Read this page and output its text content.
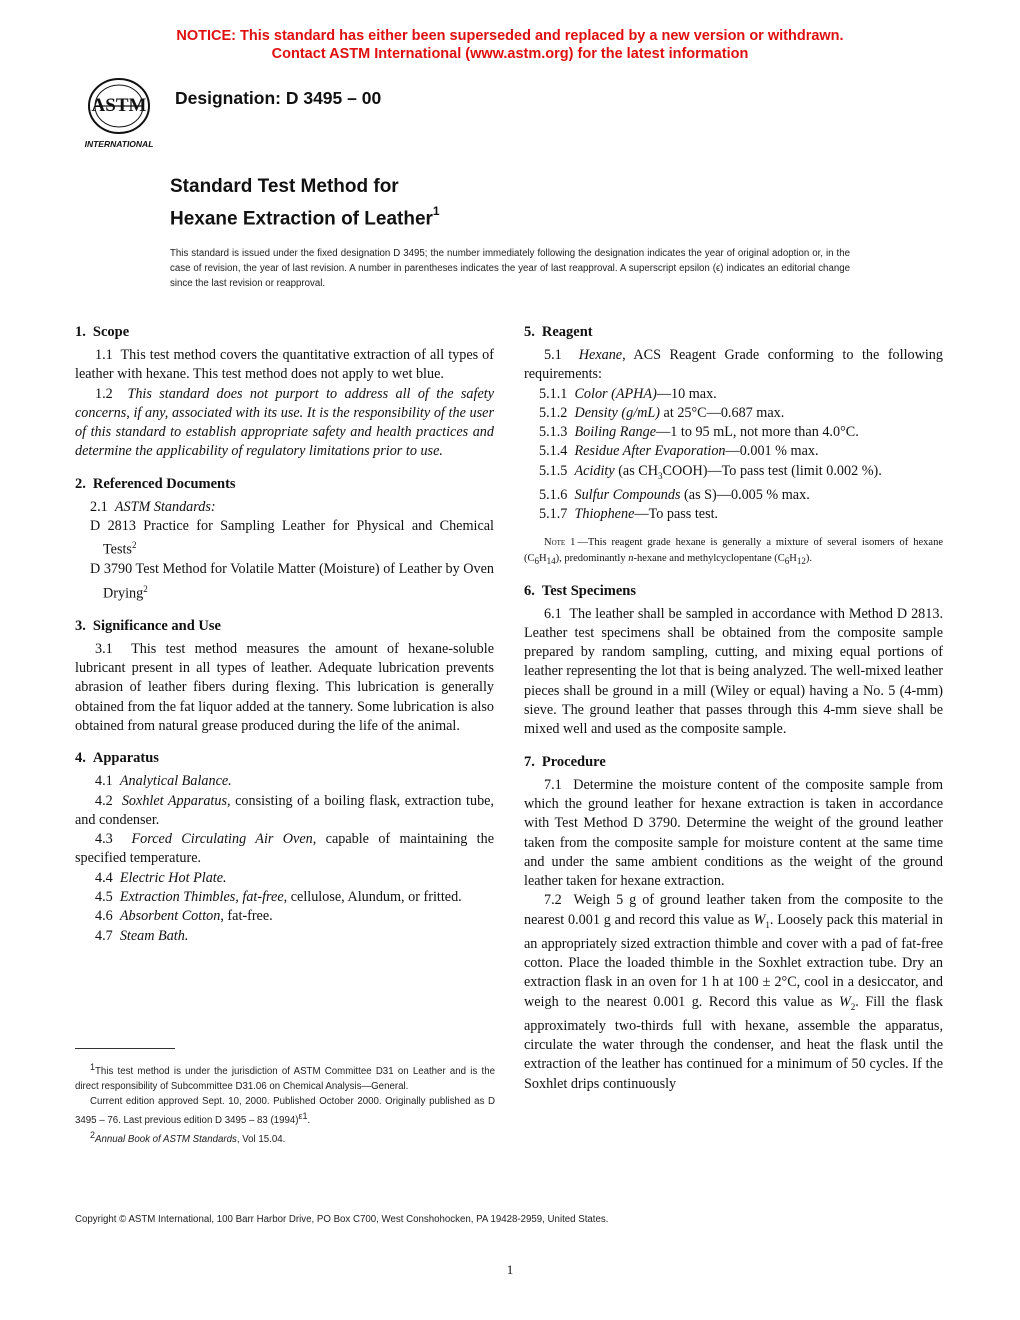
NOTICE: This standard has either been superseded and replaced by a new version or withdrawn.
Contact ASTM International (www.astm.org) for the latest information
ASTM
INTERNATIONAL
Designation: D 3495 – 00
Standard Test Method for
Hexane Extraction of Leather$^1$
This standard is issued under the fixed designation D 3495; the number immediately following the designation indicates the year of original adoption or, in the case of revision, the year of last revision. A number in parentheses indicates the year of last reapproval. A superscript epsilon (ϵ) indicates an editorial change since the last revision or reapproval.
1. Scope

1.1 This test method covers the quantitative extraction of all types of leather with hexane. This test method does not apply to wet blue.

1.2 This standard does not purport to address all of the safety concerns, if any, associated with its use. It is the responsibility of the user of this standard to establish appropriate safety and health practices and determine the applicability of regulatory limitations prior to use.

2. Referenced Documents

2.1 ASTM Standards:

D 2813 Practice for Sampling Leather for Physical and Chemical Tests$^2$

D 3790 Test Method for Volatile Matter (Moisture) of Leather by Oven Drying$^2$

3. Significance and Use

3.1 This test method measures the amount of hexane-soluble lubricant present in all types of leather. Adequate lubrication prevents abrasion of leather fibers during flexing. This lubrication is generally obtained from the fat liquor added at the tannery. Some lubrication is also obtained from natural grease produced during the life of the animal.

4. Apparatus

4.1 Analytical Balance.

4.2 Soxhlet Apparatus, consisting of a boiling flask, extraction tube, and condenser.

4.3 Forced Circulating Air Oven, capable of maintaining the specified temperature.

4.4 Electric Hot Plate.

4.5 Extraction Thimbles, fat-free, cellulose, Alundum, or fritted.

4.6 Absorbent Cotton, fat-free.

4.7 Steam Bath.

$^1$This test method is under the jurisdiction of ASTM Committee D31 on Leather and is the direct responsibility of Subcommittee D31.06 on Chemical Analysis—General.

Current edition approved Sept. 10, 2000. Published October 2000. Originally published as D 3495 – 76. Last previous edition D 3495 – 83 $(1994)^{\varepsilon 1}$.

$^2$Annual Book of ASTM Standards, Vol 15.04.

5. Reagent

5.1 Hexane, ACS Reagent Grade conforming to the following requirements:

5.1.1 Color (APHA)—10 max.

5.1.2 Density (g/mL) at 25°C—0.687 max.

5.1.3 Boiling Range—1 to 95 mL, not more than 4.0°C.

5.1.4 Residue After Evaporation—0.001 % max.

5.1.5 Acidity (as $CH_3COOH)—To$ pass test (limit 0.002 %).

5.1.6 Sulfur Compounds (as S)—0.005 % max.

5.1.7 Thiophene—To pass test.

Note 1 —This reagent grade hexane is generally a mixture of several isomers of hexane $(C_6H_{14})$, predominantly n-hexane and methylcyclopentane $(C_6H_{12})$.

6. Test Specimens

6.1 The leather shall be sampled in accordance with Method D 2813. Leather test specimens shall be obtained from the composite sample prepared by random sampling, cutting, and mixing equal portions of leather representing the lot that is being analyzed. The well-mixed leather pieces shall be ground in a mill (Wiley or equal) having a No. 5 (4-mm) sieve. The ground leather that passes through this 4-mm sieve shall be mixed well and used as the composite sample.

7. Procedure

7.1 Determine the moisture content of the composite sample from which the ground leather for hexane extraction is taken in accordance with Test Method D 3790. Determine the weight of the ground leather taken from the composite sample for moisture content at the same time and under the same ambient conditions as the weight of the ground leather taken for hexane extraction.

7.2 Weigh 5 g of ground leather taken from the composite to the nearest 0.001 g and record this value as $W_1$. Loosely pack this material in an appropriately sized extraction thimble and cover with a pad of fat-free cotton. Place the loaded thimble in the Soxhlet extraction tube. Dry an extraction flask in an oven for 1 h at 100 ± 2°C, cool in a desiccator, and weigh to the nearest 0.001 g. Record this value as $W_2$. Fill the flask approximately two-thirds full with hexane, assemble the apparatus, circulate the water through the condenser, and heat the flask until the extraction of the leather has continued for a minimum of 50 cycles. If the Soxhlet drips continuously

Copyright © ASTM International, 100 Barr Harbor Drive, PO Box C700, West Conshohocken, PA 19428-2959, United States.
1
